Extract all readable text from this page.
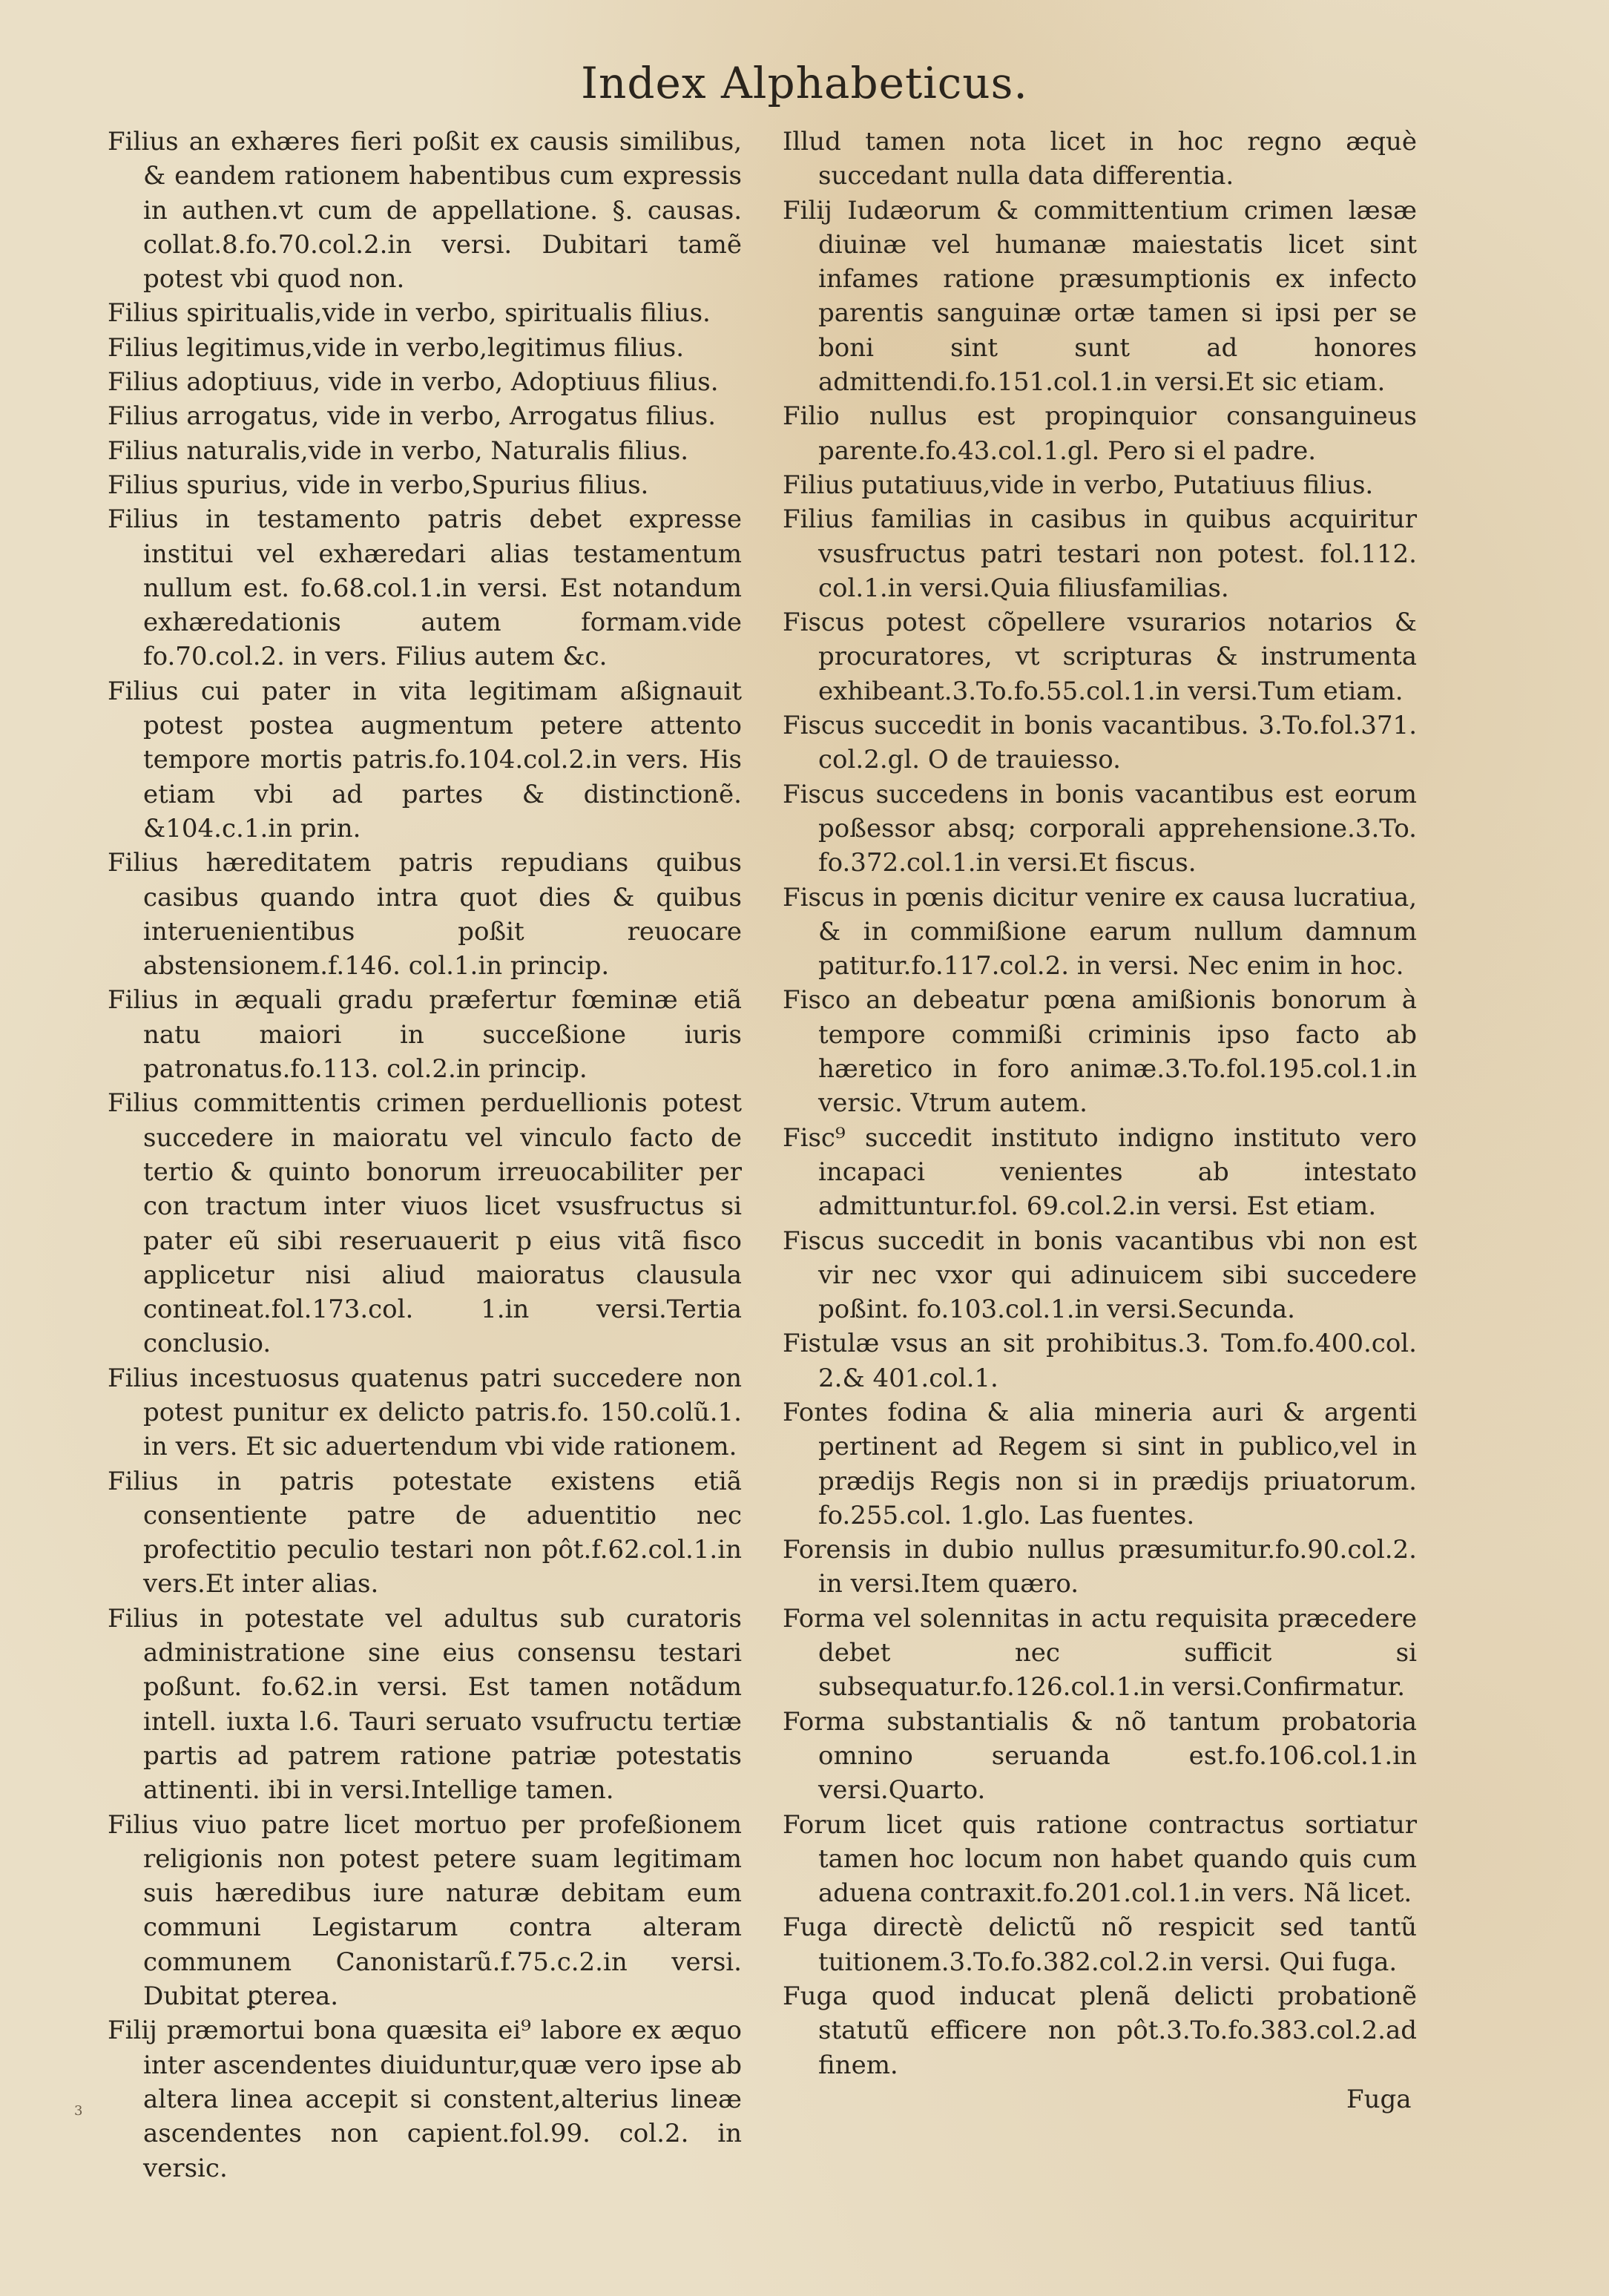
Index Alphabeticus.

Filius an exhæres fieri poßit ex causis similibus, & eandem rationem habentibus cum expressis in authen.vt cum de appellatione. §. causas. collat.8.fo.70.col.2.in versi. Dubitari tamẽ potest vbi quod non.

Filius spiritualis,vide in verbo, spiritualis filius.

Filius legitimus,vide in verbo,legitimus filius.

Filius adoptiuus, vide in verbo, Adoptiuus filius.

Filius arrogatus, vide in verbo, Arrogatus filius.

Filius naturalis,vide in verbo, Naturalis filius.

Filius spurius, vide in verbo,Spurius filius.

Filius in testamento patris debet expresse institui vel exhæredari alias testamentum nullum est. fo.68.col.1.in versi. Est notandum exhæredationis autem formam.vide fo.70.col.2. in vers. Filius autem &c.

Filius cui pater in vita legitimam aßignauit potest postea augmentum petere attento tempore mortis patris.fo.104.col.2.in vers. His etiam vbi ad partes & distinctionẽ. &104.c.1.in prin.

Filius hæreditatem patris repudians quibus casibus quando intra quot dies & quibus interuenientibus poßit reuocare abstensionem.f.146. col.1.in princip.

Filius in æquali gradu præfertur fœminæ etiã natu maiori in succeßione iuris patronatus.fo.113. col.2.in princip.

Filius committentis crimen perduellionis potest succedere in maioratu vel vinculo facto de tertio & quinto bonorum irreuocabiliter per con tractum inter viuos licet vsusfructus si pater eũ sibi reseruauerit p eius vitã fisco applicetur nisi aliud maioratus clausula contineat.fol.173.col. 1.in versi.Tertia conclusio.

Filius incestuosus quatenus patri succedere non potest punitur ex delicto patris.fo. 150.colũ.1. in vers. Et sic aduertendum vbi vide rationem.

Filius in patris potestate existens etiã consentiente patre de aduentitio nec profectitio peculio testari non pôt.f.62.col.1.in vers.Et inter alias.

Filius in potestate vel adultus sub curatoris administratione sine eius consensu testari poßunt. fo.62.in versi. Est tamen notãdum intell. iuxta l.6. Tauri seruato vsufructu tertiæ partis ad patrem ratione patriæ potestatis attinenti. ibi in versi.Intellige tamen.

Filius viuo patre licet mortuo per profeßionem religionis non potest petere suam legitimam suis hæredibus iure naturæ debitam eum communi Legistarum contra alteram communem Canonistarũ.f.75.c.2.in versi. Dubitat ꝑterea.

Filij præmortui bona quæsita ei⁹ labore ex æquo inter ascendentes diuiduntur,quæ vero ipse ab altera linea accepit si constent,alterius lineæ ascendentes non capient.fol.99. col.2. in versic.

Illud tamen nota licet in hoc regno æquè succedant nulla data differentia.

Filij Iudæorum & committentium crimen læsæ diuinæ vel humanæ maiestatis licet sint infames ratione præsumptionis ex infecto parentis sanguinæ ortæ tamen si ipsi per se boni sint sunt ad honores admittendi.fo.151.col.1.in versi.Et sic etiam.

Filio nullus est propinquior consanguineus parente.fo.43.col.1.gl. Pero si el padre.

Filius putatiuus,vide in verbo, Putatiuus filius.

Filius familias in casibus in quibus acquiritur vsusfructus patri testari non potest. fol.112. col.1.in versi.Quia filiusfamilias.

Fiscus potest cõpellere vsurarios notarios & procuratores, vt scripturas & instrumenta exhibeant.3.To.fo.55.col.1.in versi.Tum etiam.

Fiscus succedit in bonis vacantibus. 3.To.fol.371. col.2.gl. O de trauiesso.

Fiscus succedens in bonis vacantibus est eorum poßessor absq; corporali apprehensione.3.To. fo.372.col.1.in versi.Et fiscus.

Fiscus in pœnis dicitur venire ex causa lucratiua, & in commißione earum nullum damnum patitur.fo.117.col.2. in versi. Nec enim in hoc.

Fisco an debeatur pœna amißionis bonorum à tempore commißi criminis ipso facto ab hæretico in foro animæ.3.To.fol.195.col.1.in versic. Vtrum autem.

Fisc⁹ succedit instituto indigno instituto vero incapaci venientes ab intestato admittuntur.fol. 69.col.2.in versi. Est etiam.

Fiscus succedit in bonis vacantibus vbi non est vir nec vxor qui adinuicem sibi succedere poßint. fo.103.col.1.in versi.Secunda.

Fistulæ vsus an sit prohibitus.3. Tom.fo.400.col. 2.& 401.col.1.

Fontes fodina & alia mineria auri & argenti pertinent ad Regem si sint in publico,vel in prædijs Regis non si in prædijs priuatorum. fo.255.col. 1.glo. Las fuentes.

Forensis in dubio nullus præsumitur.fo.90.col.2. in versi.Item quæro.

Forma vel solennitas in actu requisita præcedere debet nec sufficit si subsequatur.fo.126.col.1.in versi.Confirmatur.

Forma substantialis & nõ tantum probatoria omnino seruanda est.fo.106.col.1.in versi.Quarto.

Forum licet quis ratione contractus sortiatur tamen hoc locum non habet quando quis cum aduena contraxit.fo.201.col.1.in vers. Nã licet.

Fuga directè delictũ nõ respicit sed tantũ tuitionem.3.To.fo.382.col.2.in versi. Qui fuga.

Fuga quod inducat plenã delicti probationẽ statutũ efficere non pôt.3.To.fo.383.col.2.ad finem.

Fuga
3
